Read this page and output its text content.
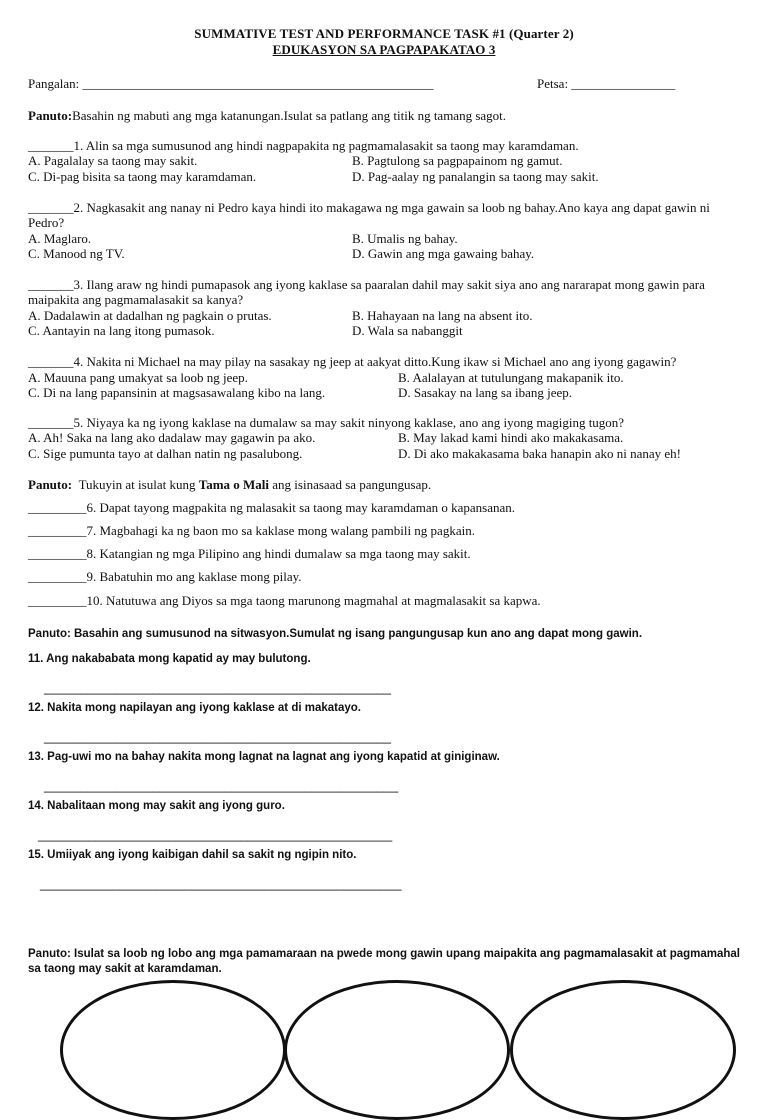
SUMMATIVE TEST AND PERFORMANCE TASK #1 (Quarter 2)
EDUKASYON SA PAGPAPAKATAO 3
Pangalan: ______________________________________________________	Petsa: ________________
Panuto:Basahin ng mabuti ang mga katanungan.Isulat sa patlang ang titik ng tamang sagot.
_______1. Alin sa mga sumusunod ang hindi nagpapakita ng pagmamalasakit sa taong may karamdaman.
A. Pagalalay sa taong may sakit.	B. Pagtulong sa pagpapainom ng gamut.
C. Di-pag bisita sa taong may karamdaman.	D. Pag-aalay ng panalangin sa taong may sakit.
_______2. Nagkasakit ang nanay ni Pedro kaya hindi ito makagawa ng mga gawain sa loob ng bahay.Ano kaya ang dapat gawin ni Pedro?
A. Maglaro.	B. Umalis ng bahay.
C. Manood ng TV.	D. Gawin ang mga gawaing bahay.
_______3. Ilang araw ng hindi pumapasok ang iyong kaklase sa paaralan dahil may sakit siya ano ang nararapat mong gawin para maipakita ang pagmamalasakit sa kanya?
A. Dadalawin at dadalhan ng pagkain o prutas.	B. Hahayaan na lang na absent ito.
C. Aantayin na lang itong pumasok.	D. Wala sa nabanggit
_______4. Nakita ni Michael na may pilay na sasakay ng jeep at aakyat ditto.Kung ikaw si Michael ano ang iyong gagawin?
A. Mauuna pang umakyat sa loob ng jeep.	B. Aalalayan at tutulungang makapanik ito.
C. Di na lang papansinin at magsasawalang kibo na lang.	D. Sasakay na lang sa ibang jeep.
_______5. Niyaya ka ng iyong kaklase na dumalaw sa may sakit ninyong kaklase, ano ang iyong magiging tugon?
A. Ah! Saka na lang ako dadalaw may gagawin pa ako.	B. May lakad kami hindi ako makakasama.
C. Sige pumunta tayo at dalhan natin ng pasalubong.	D. Di ako makakasama baka hanapin ako ni nanay eh!
Panuto: Tukuyin at isulat kung Tama o Mali ang isinasaad sa pangungusap.
_________6. Dapat tayong magpakita ng malasakit sa taong may karamdaman o kapansanan.
_________7. Magbahagi ka ng baon mo sa kaklase mong walang pambili ng pagkain.
_________8. Katangian ng mga Pilipino ang hindi dumalaw sa mga taong may sakit.
_________9. Babatuhin mo ang kaklase mong pilay.
_________10. Natutuwa ang Diyos sa mga taong marunong magmahal at magmalasakit sa kapwa.
Panuto: Basahin ang sumusunod na sitwasyon.Sumulat ng isang pangungusap kun ano ang dapat mong gawin.
11. Ang nakababata mong kapatid ay may bulutong.
________________________________________________
12. Nakita mong napilayan ang iyong kaklase at di makatayo.
________________________________________________
13. Pag-uwi mo na bahay nakita mong lagnat na lagnat ang iyong kapatid at giniginaw.
_________________________________________________
14. Nabalitaan mong may sakit ang iyong guro.
_________________________________________________
15. Umiiyak ang iyong kaibigan dahil sa sakit ng ngipin nito.
__________________________________________________
Panuto: Isulat sa loob ng lobo ang mga pamamaraan na pwede mong gawin upang maipakita ang pagmamalasakit at pagmamahal sa taong may sakit at karamdaman.
